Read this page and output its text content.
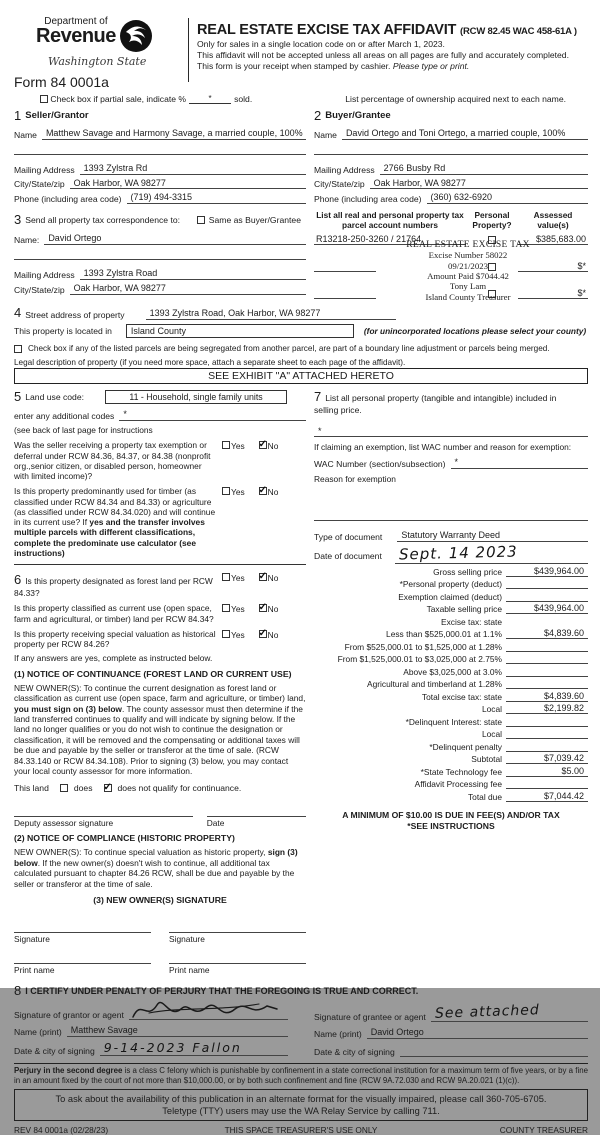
Department of
Revenue
Washington State
Form 84 0001a
REAL ESTATE EXCISE TAX AFFIDAVIT (RCW 82.45 WAC 458-61A )
Only for sales in a single location code on or after March 1, 2023.
This affidavit will not be accepted unless all areas on all pages are fully and accurately completed.
This form is your receipt when stamped by cashier. Please type or print.

Check box if partial sale, indicate %	*	sold.	List percentage of ownership acquired next to each name.
1 Seller/Grantor
Name	Matthew Savage and Harmony Savage, a married couple, 100%
Mailing Address	1393 Zylstra Rd
City/State/zip	Oak Harbor, WA 98277
Phone (including area code)	(719) 494-3315
3 Send all property tax correspondence to:	Same as Buyer/Grantee
Name:	David Ortego
Mailing Address	1393 Zylstra Road
City/State/zip	Oak Harbor, WA 98277
2 Buyer/Grantee
Name	David Ortego and Toni Ortego, a married couple, 100%
Mailing Address	2766 Busby Rd
City/State/zip	Oak Harbor, WA 98277
Phone (including area code)	(360) 632-6920
List all real and personal property tax parcel account numbers
Personal Property?
Assessed value(s)
R13218-250-3260 / 21764	$385,683.00
$*
$*
REAL ESTATE EXCISE TAX
Excise Number 58022
09/21/2023
Amount Paid $7044.42
Tony Lam
Island County Treasurer
4 Street address of property	1393 Zylstra Road, Oak Harbor, WA 98277
This property is located in	Island County	(for unincorporated locations please select your county)
Check box if any of the listed parcels are being segregated from another parcel, are part of a boundary line adjustment or parcels being merged.
Legal description of property (if you need more space, attach a separate sheet to each page of the affidavit).
SEE EXHIBIT "A" ATTACHED HERETO
5 Land use code:	11 - Household, single family units
enter any additional codes	*
(see back of last page for instructions
Was the seller receiving a property tax exemption or deferral under RCW 84.36, 84.37, or 84.38 (nonprofit org.,senior citizen, or disabled person, homeowner with limited income)?
Yes ✓	No
Is this property predominantly used for timber (as classified under RCW 84.34 and 84.33) or agriculture (as classified under RCW 84.34.020) and will continue in its current use? If yes and the transfer involves multiple parcels with different classifications, complete the predominate use calculator (see instructions)
Yes ✓	No
6 Is this property designated as forest land per RCW 84.33?
Yes ✓	No
Is this property classified as current use (open space, farm and agricultural, or timber) land per RCW 84.34?
Yes ✓	No
Is this property receiving special valuation as historical property per RCW 84.26?
Yes ✓	No
If any answers are yes, complete as instructed below.
(1) NOTICE OF CONTINUANCE (FOREST LAND OR CURRENT USE)
NEW OWNER(S): To continue the current designation as forest land or classification as current use (open space, farm and agriculture, or timber) land, you must sign on (3) below. The county assessor must then determine if the land transferred continues to qualify and will indicate by signing below. If the land no longer qualifies or you do not wish to continue the designation or classification, it will be removed and the compensating or additional taxes will be due and payable by the seller or transferor at the time of sale. (RCW 84.33.140 or RCW 84.34.108). Prior to signing (3) below, you may contact your local county assessor for more information.
This land	does ✓	does not qualify for continuance.
Deputy assessor signature	Date
(2) NOTICE OF COMPLIANCE (HISTORIC PROPERTY)
NEW OWNER(S): To continue special valuation as historic property, sign (3) below. If the new owner(s) doesn't wish to continue, all additional tax calculated pursuant to chapter 84.26 RCW, shall be due and payable by the seller or transferor at the time of sale.
(3) NEW OWNER(S) SIGNATURE
Signature	Signature
Print name	Print name
7 List all personal property (tangible and intangible) included in selling price.
*
If claiming an exemption, list WAC number and reason for exemption:
WAC Number (section/subsection)	*
Reason for exemption
Type of document	Statutory Warranty Deed
Date of document	Sept. 14 2023
Gross selling price	$439,964.00
*Personal property (deduct)
Exemption claimed (deduct)
Taxable selling price	$439,964.00
Excise tax: state
Less than $525,000.01 at 1.1%	$4,839.60
From $525,000.01 to $1,525,000 at 1.28%
From $1,525,000.01 to $3,025,000 at 2.75%
Above $3,025,000 at 3.0%
Agricultural and timberland at 1.28%
Total excise tax: state	$4,839.60
Local	$2,199.82
*Delinquent Interest: state
Local
*Delinquent penalty
Subtotal	$7,039.42
*State Technology fee	$5.00
Affidavit Processing fee
Total due	$7,044.42
A MINIMUM OF $10.00 IS DUE IN FEE(S) AND/OR TAX
*SEE INSTRUCTIONS
8 I CERTIFY UNDER PENALTY OF PERJURY THAT THE FOREGOING IS TRUE AND CORRECT.
Signature of grantor or agent
Name (print)	Matthew Savage
Date & city of signing 9-14-2023 Fallon
Signature of grantee or agent See attached
Name (print)	David Ortego
Date & city of signing
Perjury in the second degree is a class C felony which is punishable by confinement in a state correctional institution for a maximum term of five years, or by a fine in an amount fixed by the court of not more than $10,000.00, or by both such confinement and fine (RCW 9A.72.030 and RCW 9A.20.021 (1)(c)).
To ask about the availability of this publication in an alternate format for the visually impaired, please call 360-705-6705. Teletype (TTY) users may use the WA Relay Service by calling 711.
REV 84 0001a (02/28/23)	THIS SPACE TREASURER'S USE ONLY	COUNTY TREASURER
